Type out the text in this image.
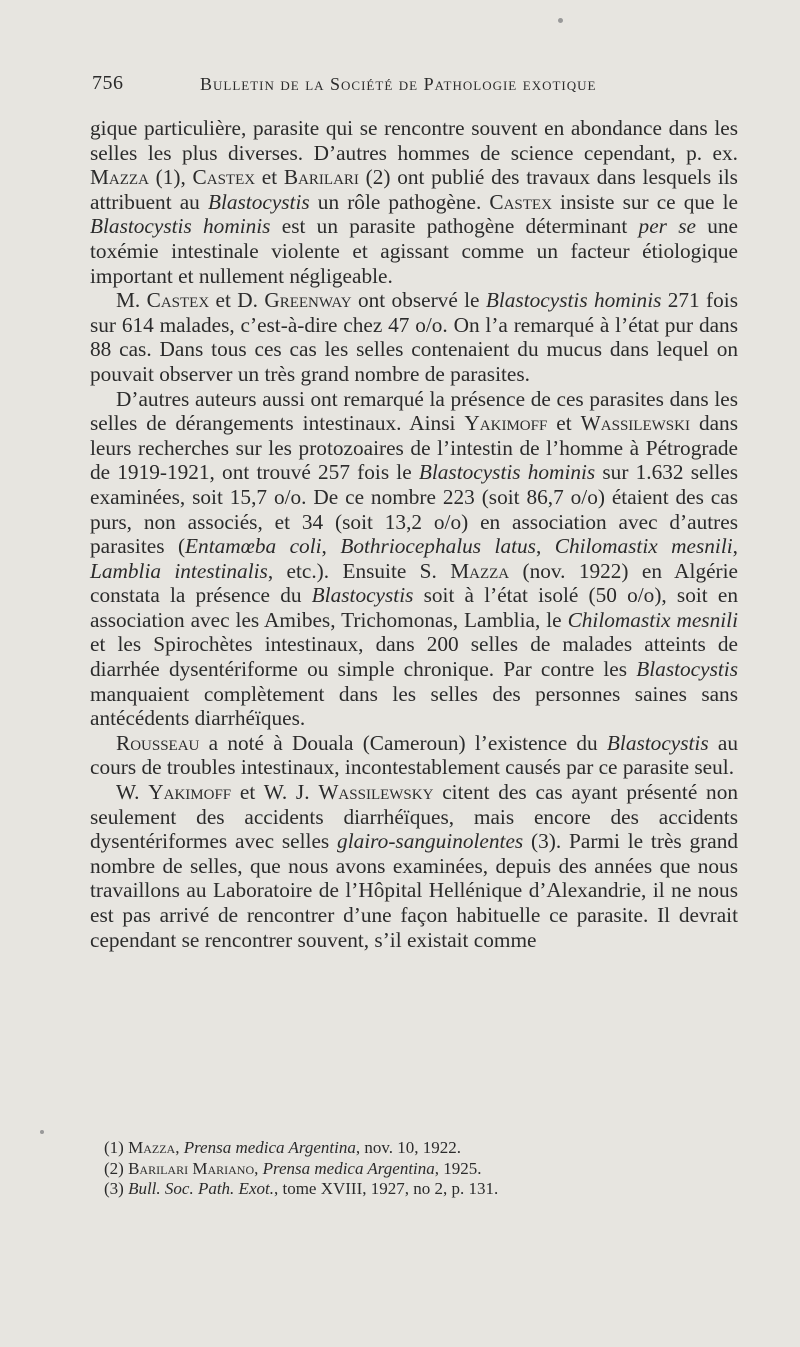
756	Bulletin de la Société de Pathologie exotique

gique particulière, parasite qui se rencontre souvent en abondance dans les selles les plus diverses. D’autres hommes de science cependant, p. ex. Mazza (1), Castex et Barilari (2) ont publié des travaux dans lesquels ils attribuent au Blastocystis un rôle pathogène. Castex insiste sur ce que le Blastocystis hominis est un parasite pathogène déterminant per se une toxémie intestinale violente et agissant comme un facteur étiologique important et nullement négligeable.

M. Castex et D. Greenway ont observé le Blastocystis hominis 271 fois sur 614 malades, c’est-à-dire chez 47 o/o. On l’a remarqué à l’état pur dans 88 cas. Dans tous ces cas les selles contenaient du mucus dans lequel on pouvait observer un très grand nombre de parasites.

D’autres auteurs aussi ont remarqué la présence de ces parasites dans les selles de dérangements intestinaux. Ainsi Yakimoff et Wassilewski dans leurs recherches sur les protozoaires de l’intestin de l’homme à Pétrograde de 1919-1921, ont trouvé 257 fois le Blastocystis hominis sur 1.632 selles examinées, soit 15,7 o/o. De ce nombre 223 (soit 86,7 o/o) étaient des cas purs, non associés, et 34 (soit 13,2 o/o) en association avec d’autres parasites (Entamœba coli, Bothriocephalus latus, Chilomastix mesnili, Lamblia intestinalis, etc.). Ensuite S. Mazza (nov. 1922) en Algérie constata la présence du Blastocystis soit à l’état isolé (50 o/o), soit en association avec les Amibes, Trichomonas, Lamblia, le Chilomastix mesnili et les Spirochètes intestinaux, dans 200 selles de malades atteints de diarrhée dysentériforme ou simple chronique. Par contre les Blastocystis manquaient complètement dans les selles des personnes saines sans antécédents diarrhéïques.

Rousseau a noté à Douala (Cameroun) l’existence du Blastocystis au cours de troubles intestinaux, incontestablement causés par ce parasite seul.

W. Yakimoff et W. J. Wassilewsky citent des cas ayant présenté non seulement des accidents diarrhéïques, mais encore des accidents dysentériformes avec selles glairo-sanguinolentes (3). Parmi le très grand nombre de selles, que nous avons examinées, depuis des années que nous travaillons au Laboratoire de l’Hôpital Hellénique d’Alexandrie, il ne nous est pas arrivé de rencontrer d’une façon habituelle ce parasite. Il devrait cependant se rencontrer souvent, s’il existait comme

(1) Mazza, Prensa medica Argentina, nov. 10, 1922.
(2) Barilari Mariano, Prensa medica Argentina, 1925.
(3) Bull. Soc. Path. Exot., tome XVIII, 1927, no 2, p. 131.
